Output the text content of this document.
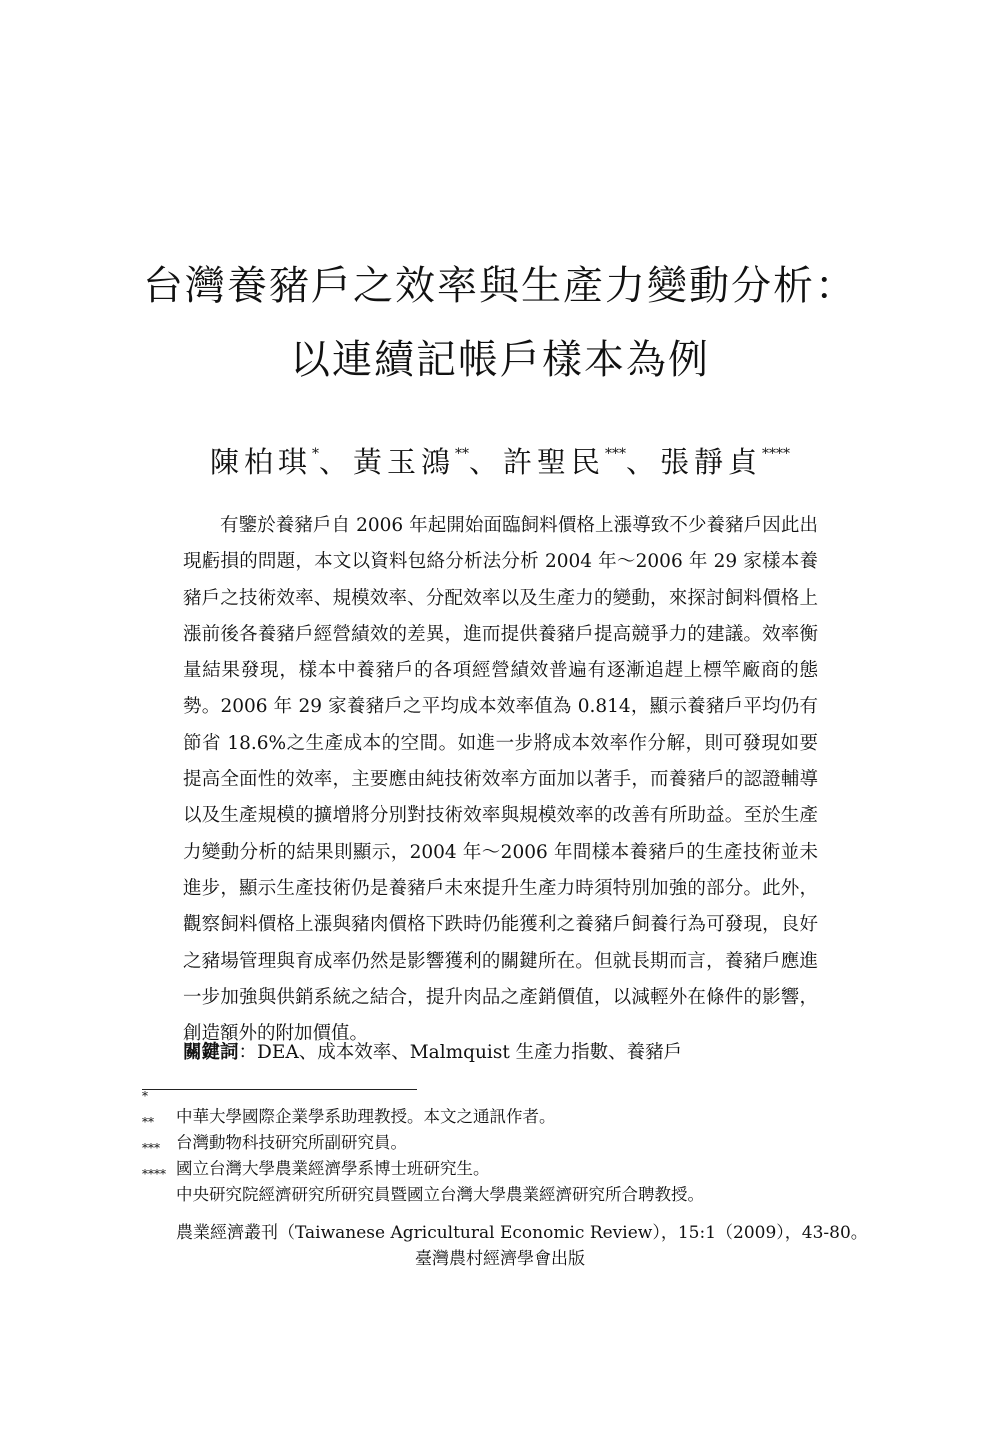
台灣養豬戶之效率與生產力變動分析：
以連續記帳戶樣本為例
陳柏琪*、黃玉鴻**、許聖民***、張靜貞****

有鑒於養豬戶自 2006 年起開始面臨飼料價格上漲導致不少養豬戶因此出現虧損的問題，本文以資料包絡分析法分析 2004 年～2006 年 29 家樣本養豬戶之技術效率、規模效率、分配效率以及生產力的變動，來探討飼料價格上漲前後各養豬戶經營績效的差異，進而提供養豬戶提高競爭力的建議。效率衡量結果發現，樣本中養豬戶的各項經營績效普遍有逐漸追趕上標竿廠商的態勢。2006 年 29 家養豬戶之平均成本效率值為 0.814，顯示養豬戶平均仍有節省 18.6%之生產成本的空間。如進一步將成本效率作分解，則可發現如要提高全面性的效率，主要應由純技術效率方面加以著手，而養豬戶的認證輔導以及生產規模的擴增將分別對技術效率與規模效率的改善有所助益。至於生產力變動分析的結果則顯示，2004 年～2006 年間樣本養豬戶的生產技術並未進步，顯示生產技術仍是養豬戶未來提升生產力時須特別加強的部分。此外，觀察飼料價格上漲與豬肉價格下跌時仍能獲利之養豬戶飼養行為可發現，良好之豬場管理與育成率仍然是影響獲利的關鍵所在。但就長期而言，養豬戶應進一步加強與供銷系統之結合，提升肉品之產銷價值，以減輕外在條件的影響，創造額外的附加價值。

關鍵詞：DEA、成本效率、Malmquist 生產力指數、養豬戶
*
中華大學國際企業學系助理教授。本文之通訊作者。
**
台灣動物科技研究所副研究員。
***
國立台灣大學農業經濟學系博士班研究生。
****
中央研究院經濟研究所研究員暨國立台灣大學農業經濟研究所合聘教授。
農業經濟叢刊（Taiwanese Agricultural Economic Review），15:1（2009），43-80。
臺灣農村經濟學會出版
